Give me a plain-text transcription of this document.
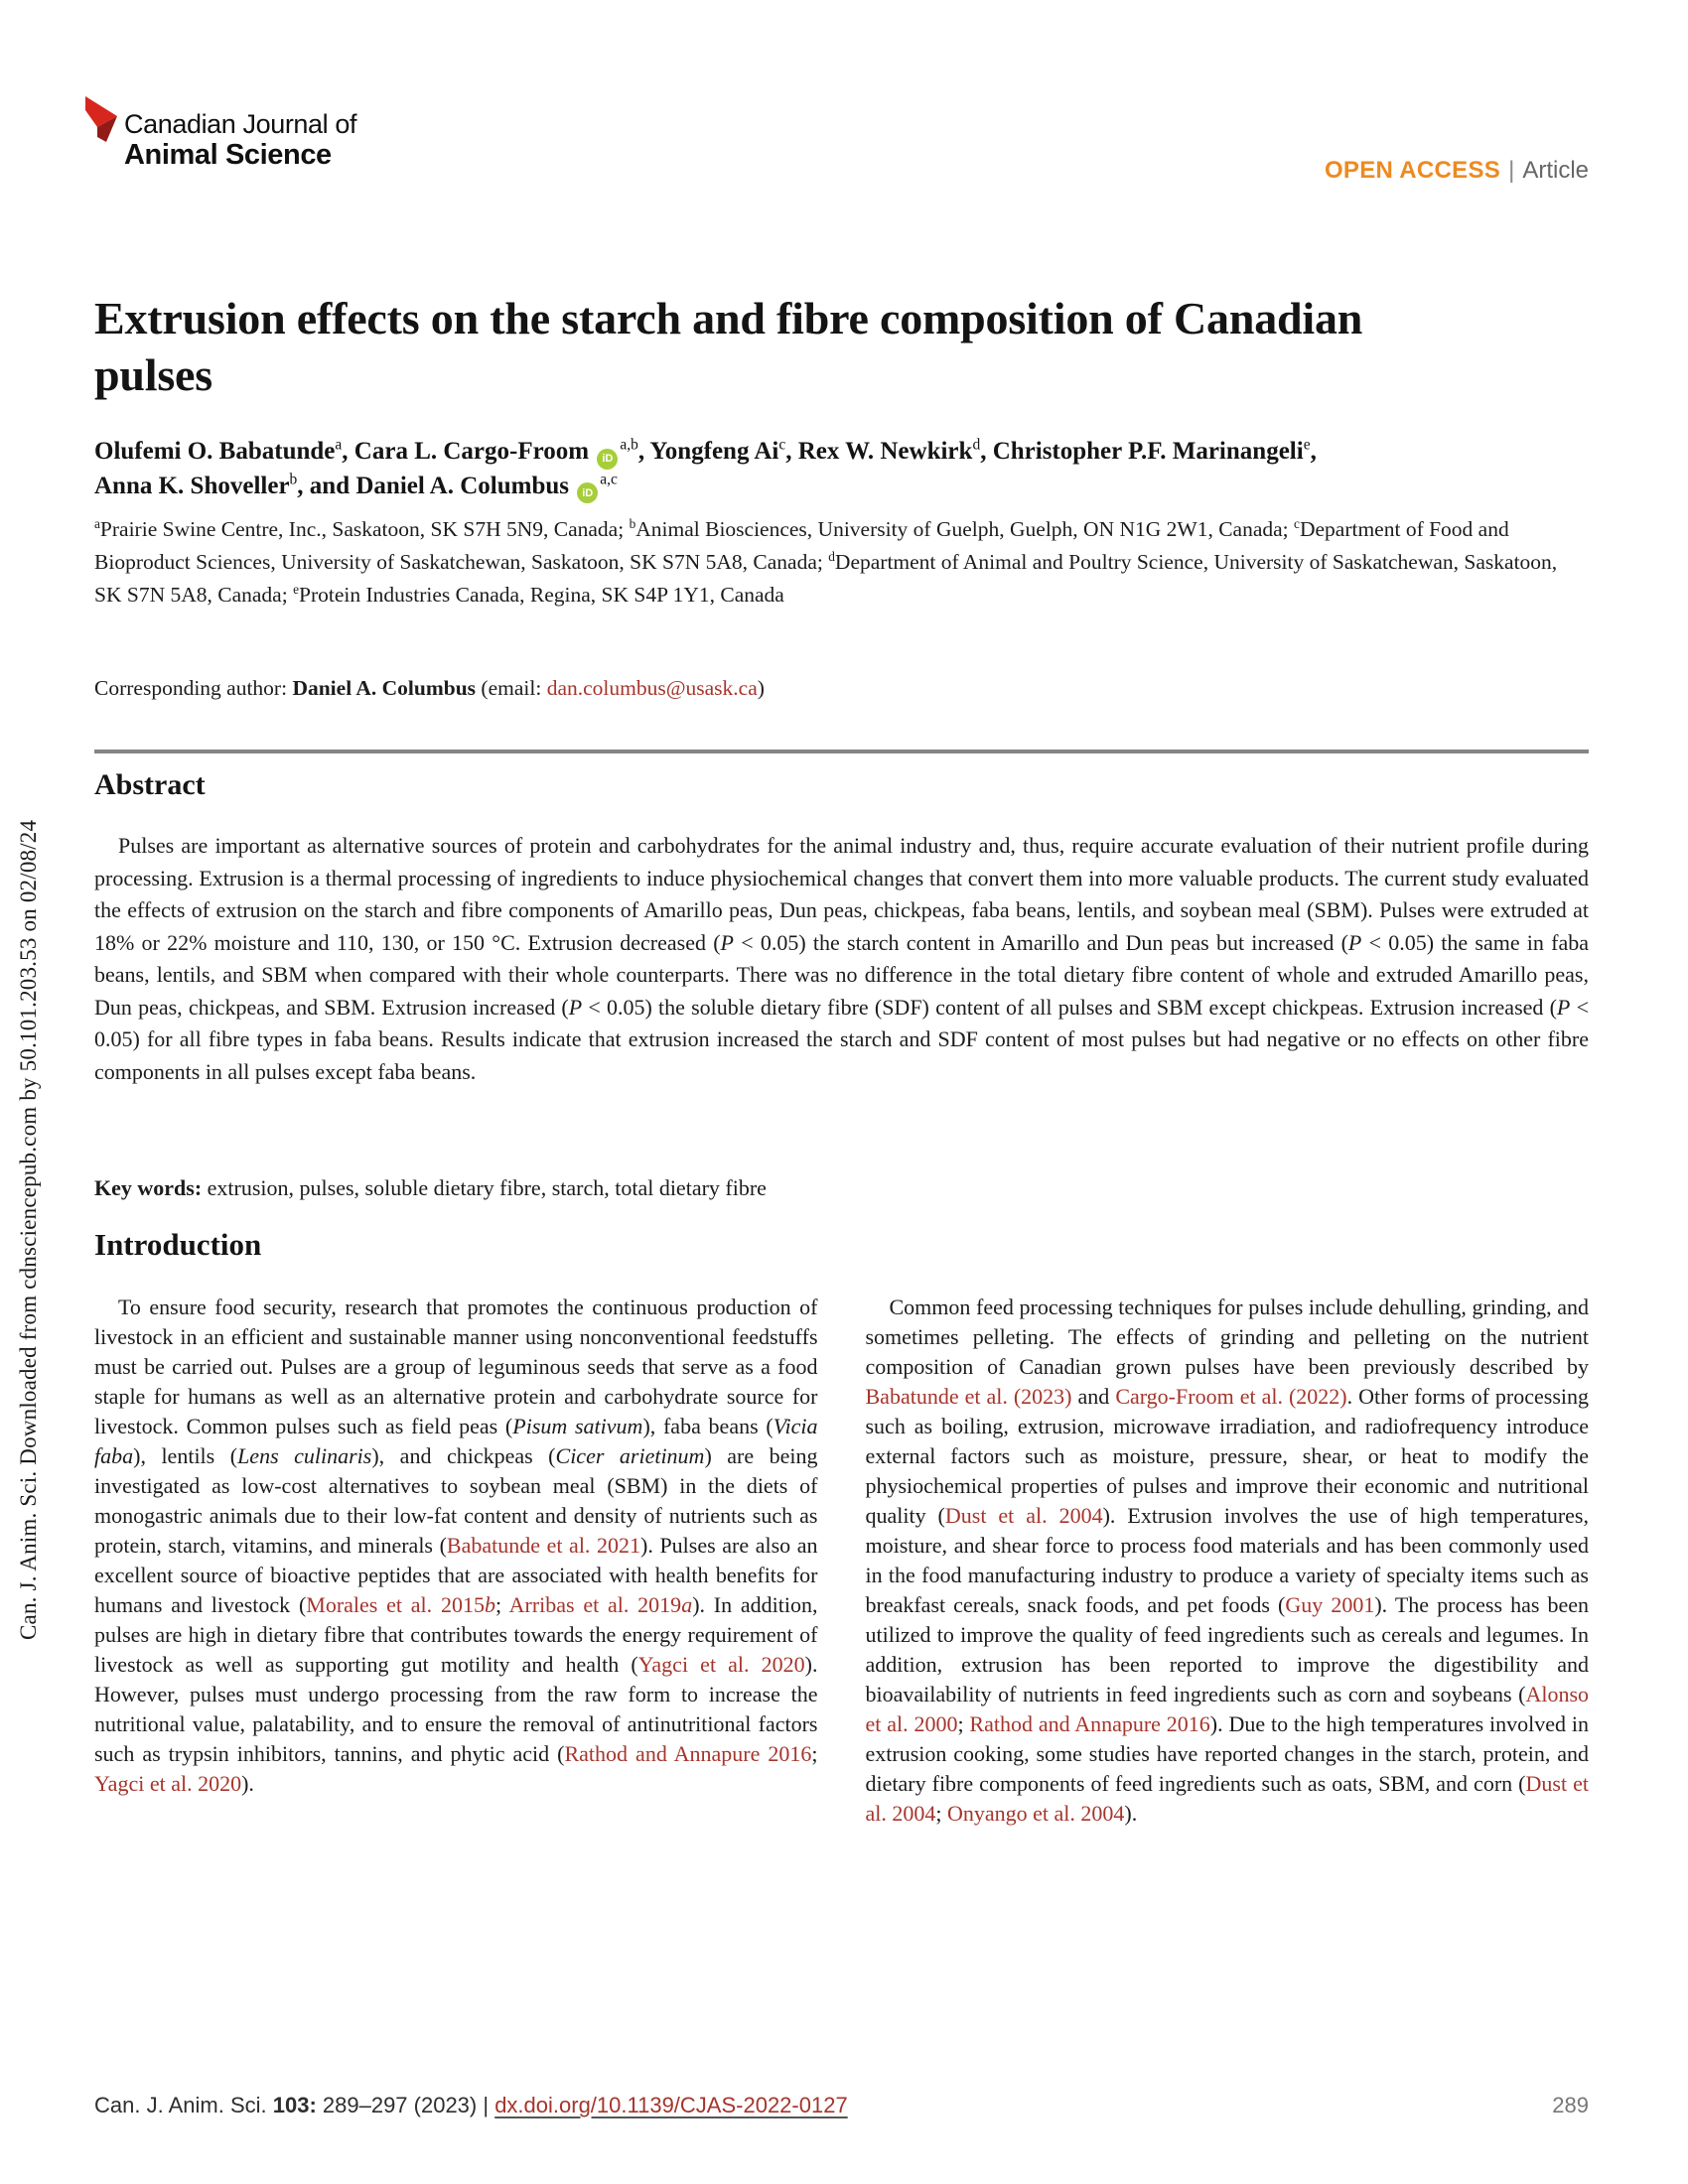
Can. J. Anim. Sci. Downloaded from cdnsciencepub.com by 50.101.203.53 on 02/08/24
Canadian Journal of
Animal Science	OPEN ACCESS | Article
Extrusion effects on the starch and fibre composition of Canadian pulses
Olufemi O. Babatunde$^a$, Cara L. Cargo-Froom iD$^{a,b}$, Yongfeng Ai$^c$, Rex W. Newkirk$^d$, Christopher P.F. Marinangeli$^e$,
Anna K. Shoveller$^b$, and Daniel A. Columbus iD$^{a,c}$
$^a$Prairie Swine Centre, Inc., Saskatoon, SK S7H 5N9, Canada; $^b$Animal Biosciences, University of Guelph, Guelph, ON N1G 2W1, Canada; $^c$Department of Food and Bioproduct Sciences, University of Saskatchewan, Saskatoon, SK S7N 5A8, Canada; $^d$Department of Animal and Poultry Science, University of Saskatchewan, Saskatoon, SK S7N 5A8, Canada; $^e$Protein Industries Canada, Regina, SK S4P 1Y1, Canada
Corresponding author: Daniel A. Columbus (email: dan.columbus@usask.ca)
Abstract

Pulses are important as alternative sources of protein and carbohydrates for the animal industry and, thus, require accurate evaluation of their nutrient profile during processing. Extrusion is a thermal processing of ingredients to induce physiochemical changes that convert them into more valuable products. The current study evaluated the effects of extrusion on the starch and fibre components of Amarillo peas, Dun peas, chickpeas, faba beans, lentils, and soybean meal (SBM). Pulses were extruded at 18% or 22% moisture and 110, 130, or 150 °C. Extrusion decreased (P < 0.05) the starch content in Amarillo and Dun peas but increased (P < 0.05) the same in faba beans, lentils, and SBM when compared with their whole counterparts. There was no difference in the total dietary fibre content of whole and extruded Amarillo peas, Dun peas, chickpeas, and SBM. Extrusion increased (P < 0.05) the soluble dietary fibre (SDF) content of all pulses and SBM except chickpeas. Extrusion increased (P < 0.05) for all fibre types in faba beans. Results indicate that extrusion increased the starch and SDF content of most pulses but had negative or no effects on other fibre components in all pulses except faba beans.

Key words: extrusion, pulses, soluble dietary fibre, starch, total dietary fibre
Introduction
To ensure food security, research that promotes the continuous production of livestock in an efficient and sustainable manner using nonconventional feedstuffs must be carried out. Pulses are a group of leguminous seeds that serve as a food staple for humans as well as an alternative protein and carbohydrate source for livestock. Common pulses such as field peas (Pisum sativum), faba beans (Vicia faba), lentils (Lens culinaris), and chickpeas (Cicer arietinum) are being investigated as low-cost alternatives to soybean meal (SBM) in the diets of monogastric animals due to their low-fat content and density of nutrients such as protein, starch, vitamins, and minerals (Babatunde et al. 2021). Pulses are also an excellent source of bioactive peptides that are associated with health benefits for humans and livestock (Morales et al. 2015b; Arribas et al. 2019a). In addition, pulses are high in dietary fibre that contributes towards the energy requirement of livestock as well as supporting gut motility and health (Yagci et al. 2020). However, pulses must undergo processing from the raw form to increase the nutritional value, palatability, and to ensure the removal of antinutritional factors such as trypsin inhibitors, tannins, and phytic acid (Rathod and Annapure 2016; Yagci et al. 2020).
Common feed processing techniques for pulses include dehulling, grinding, and sometimes pelleting. The effects of grinding and pelleting on the nutrient composition of Canadian grown pulses have been previously described by Babatunde et al. (2023) and Cargo-Froom et al. (2022). Other forms of processing such as boiling, extrusion, microwave irradiation, and radiofrequency introduce external factors such as moisture, pressure, shear, or heat to modify the physiochemical properties of pulses and improve their economic and nutritional quality (Dust et al. 2004). Extrusion involves the use of high temperatures, moisture, and shear force to process food materials and has been commonly used in the food manufacturing industry to produce a variety of specialty items such as breakfast cereals, snack foods, and pet foods (Guy 2001). The process has been utilized to improve the quality of feed ingredients such as cereals and legumes. In addition, extrusion has been reported to improve the digestibility and bioavailability of nutrients in feed ingredients such as corn and soybeans (Alonso et al. 2000; Rathod and Annapure 2016). Due to the high temperatures involved in extrusion cooking, some studies have reported changes in the starch, protein, and dietary fibre components of feed ingredients such as oats, SBM, and corn (Dust et al. 2004; Onyango et al. 2004).
Can. J. Anim. Sci. 103: 289–297 (2023) | dx.doi.org/10.1139/CJAS-2022-0127	289
